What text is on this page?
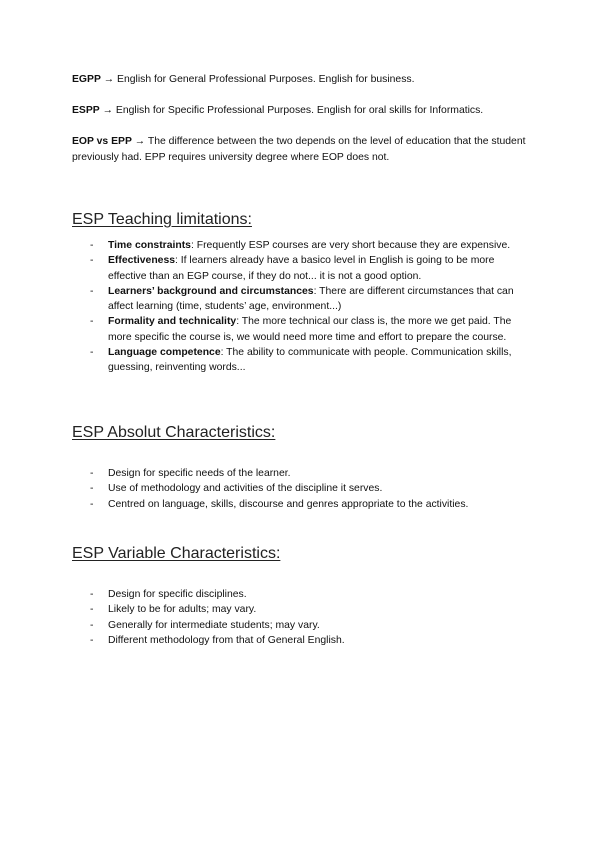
EGPP → English for General Professional Purposes. English for business.

ESPP → English for Specific Professional Purposes. English for oral skills for Informatics.

EOP vs EPP → The difference between the two depends on the level of education that the student previously had. EPP requires university degree where EOP does not.

ESP Teaching limitations:
- Time constraints: Frequently ESP courses are very short because they are expensive.
- Effectiveness: If learners already have a basico level in English is going to be more effective than an EGP course, if they do not... it is not a good option.
- Learners’ background and circumstances: There are different circumstances that can affect learning (time, students’ age, environment...)
- Formality and technicality: The more technical our class is, the more we get paid. The more specific the course is, we would need more time and effort to prepare the course.
- Language competence: The ability to communicate with people. Communication skills, guessing, reinventing words...
ESP Absolut Characteristics:
- Design for specific needs of the learner.
- Use of methodology and activities of the discipline it serves.
- Centred on language, skills, discourse and genres appropriate to the activities.
ESP Variable Characteristics:
- Design for specific disciplines.
- Likely to be for adults; may vary.
- Generally for intermediate students; may vary.
- Different methodology from that of General English.
